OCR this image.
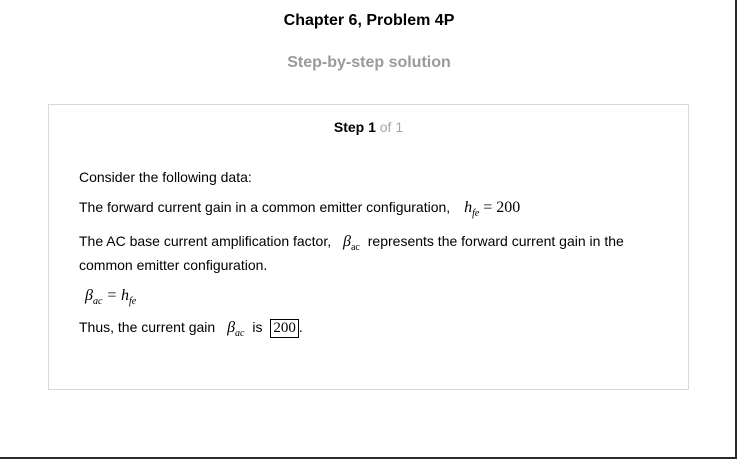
Chapter 6, Problem 4P
Step-by-step solution
Step 1 of 1
Consider the following data:
The forward current gain in a common emitter configuration, $h_{fe} = 200$
The AC base current amplification factor, $\beta_{ac}$ represents the forward current gain in the
common emitter configuration.
$\beta_{ac} = h_{fe}$
Thus, the current gain $\beta_{ac}$ is 200 .
